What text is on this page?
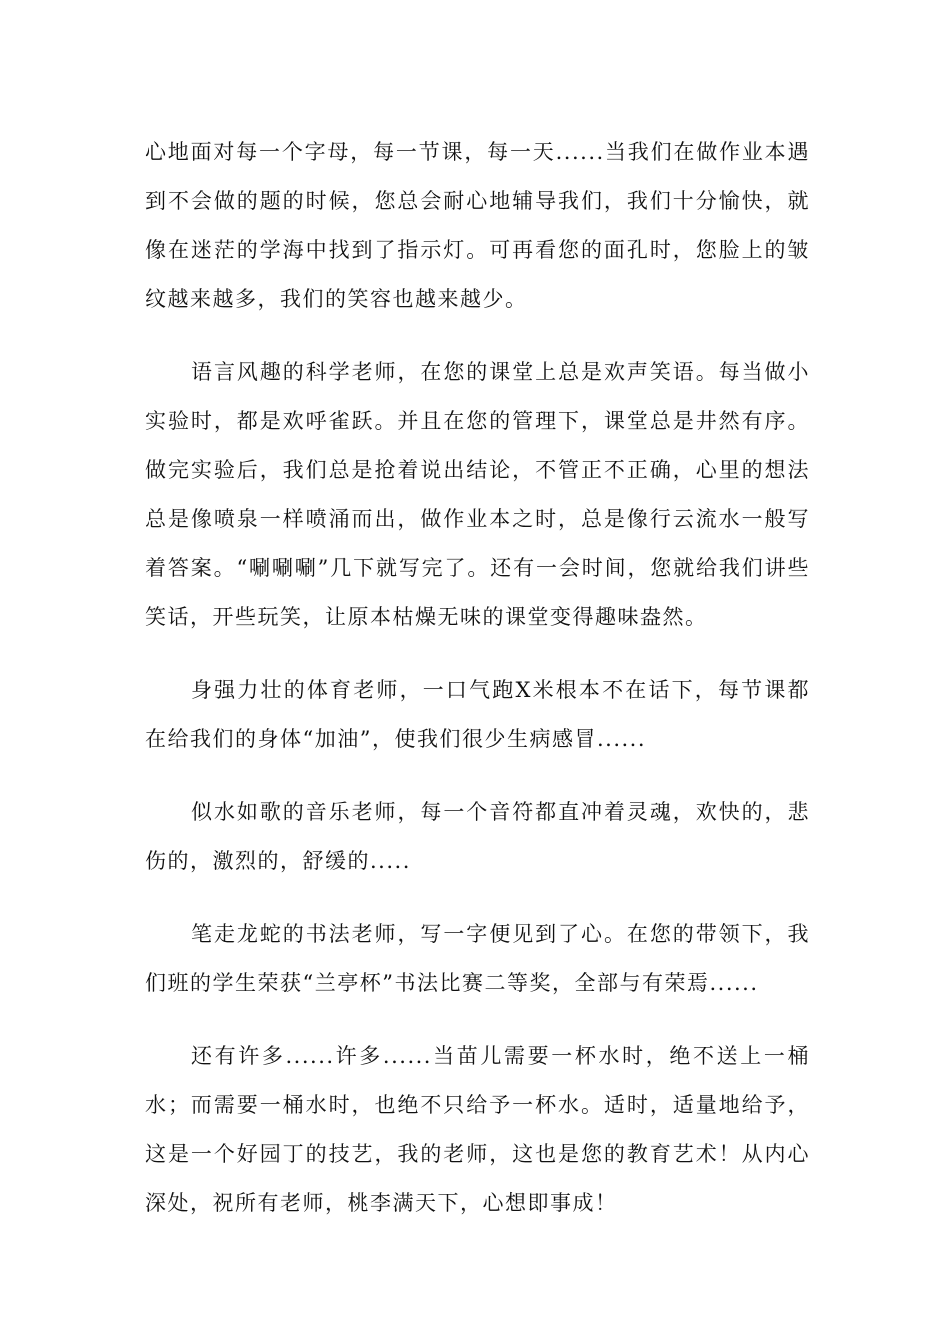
心地面对每一个字母，每一节课，每一天......当我们在做作业本遇到不会做的题的时候，您总会耐心地辅导我们，我们十分愉快，就像在迷茫的学海中找到了指示灯。可再看您的面孔时，您脸上的皱纹越来越多，我们的笑容也越来越少。

语言风趣的科学老师，在您的课堂上总是欢声笑语。每当做小实验时，都是欢呼雀跃。并且在您的管理下，课堂总是井然有序。做完实验后，我们总是抢着说出结论，不管正不正确，心里的想法总是像喷泉一样喷涌而出，做作业本之时，总是像行云流水一般写着答案。“唰唰唰”几下就写完了。还有一会时间，您就给我们讲些笑话，开些玩笑，让原本枯燥无味的课堂变得趣味盎然。

身强力壮的体育老师，一口气跑X米根本不在话下，每节课都在给我们的身体“加油”，使我们很少生病感冒......

似水如歌的音乐老师，每一个音符都直冲着灵魂，欢快的，悲伤的，激烈的，舒缓的.....

笔走龙蛇的书法老师，写一字便见到了心。在您的带领下，我们班的学生荣获“兰亭杯”书法比赛二等奖，全部与有荣焉......

还有许多......许多......当苗儿需要一杯水时，绝不送上一桶水；而需要一桶水时，也绝不只给予一杯水。适时，适量地给予，这是一个好园丁的技艺，我的老师，这也是您的教育艺术！从内心深处，祝所有老师，桃李满天下，心想即事成！
